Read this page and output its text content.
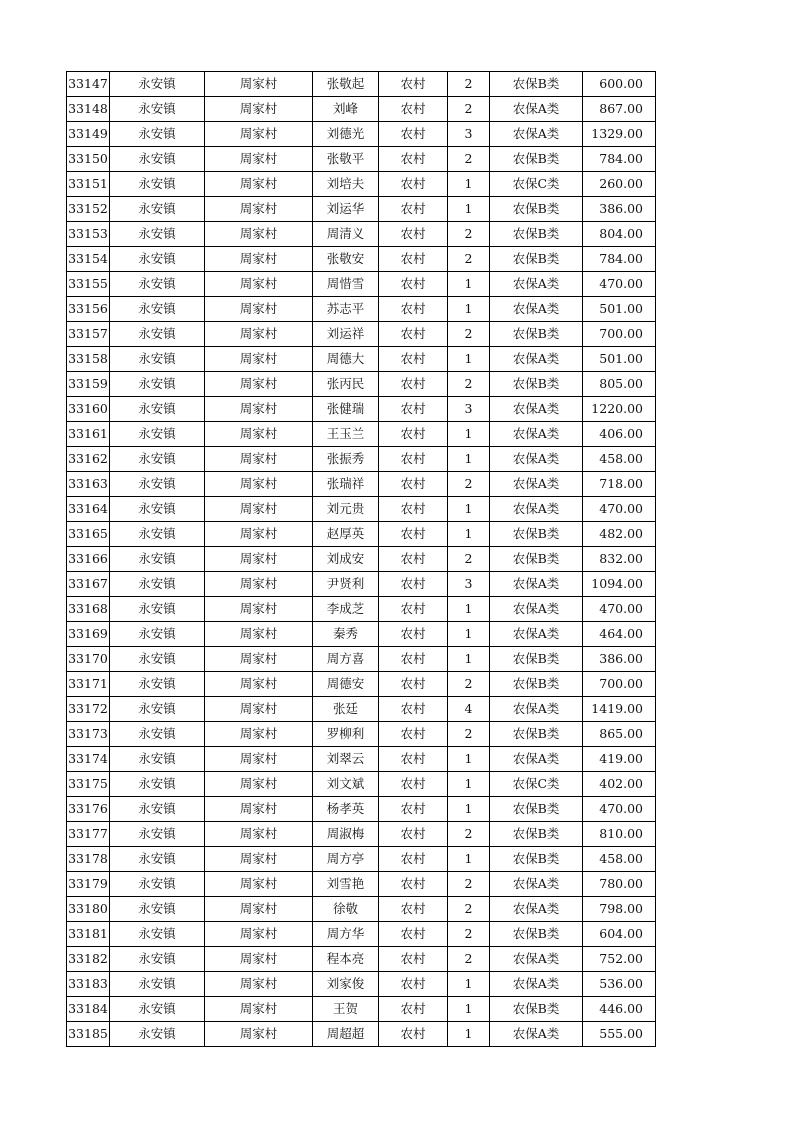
33147	永安镇	周家村	张敬起	农村	2	农保B类	600.00
33148	永安镇	周家村	刘峰	农村	2	农保A类	867.00
33149	永安镇	周家村	刘德光	农村	3	农保A类	1329.00
33150	永安镇	周家村	张敬平	农村	2	农保B类	784.00
33151	永安镇	周家村	刘培夫	农村	1	农保C类	260.00
33152	永安镇	周家村	刘运华	农村	1	农保B类	386.00
33153	永安镇	周家村	周清义	农村	2	农保B类	804.00
33154	永安镇	周家村	张敬安	农村	2	农保B类	784.00
33155	永安镇	周家村	周惜雪	农村	1	农保A类	470.00
33156	永安镇	周家村	苏志平	农村	1	农保A类	501.00
33157	永安镇	周家村	刘运祥	农村	2	农保B类	700.00
33158	永安镇	周家村	周德大	农村	1	农保A类	501.00
33159	永安镇	周家村	张丙民	农村	2	农保B类	805.00
33160	永安镇	周家村	张健瑞	农村	3	农保A类	1220.00
33161	永安镇	周家村	王玉兰	农村	1	农保A类	406.00
33162	永安镇	周家村	张振秀	农村	1	农保A类	458.00
33163	永安镇	周家村	张瑞祥	农村	2	农保A类	718.00
33164	永安镇	周家村	刘元贵	农村	1	农保A类	470.00
33165	永安镇	周家村	赵厚英	农村	1	农保B类	482.00
33166	永安镇	周家村	刘成安	农村	2	农保B类	832.00
33167	永安镇	周家村	尹贤利	农村	3	农保A类	1094.00
33168	永安镇	周家村	李成芝	农村	1	农保A类	470.00
33169	永安镇	周家村	秦秀	农村	1	农保A类	464.00
33170	永安镇	周家村	周方喜	农村	1	农保B类	386.00
33171	永安镇	周家村	周德安	农村	2	农保B类	700.00
33172	永安镇	周家村	张廷	农村	4	农保A类	1419.00
33173	永安镇	周家村	罗柳利	农村	2	农保B类	865.00
33174	永安镇	周家村	刘翠云	农村	1	农保A类	419.00
33175	永安镇	周家村	刘文斌	农村	1	农保C类	402.00
33176	永安镇	周家村	杨孝英	农村	1	农保B类	470.00
33177	永安镇	周家村	周淑梅	农村	2	农保B类	810.00
33178	永安镇	周家村	周方亭	农村	1	农保B类	458.00
33179	永安镇	周家村	刘雪艳	农村	2	农保A类	780.00
33180	永安镇	周家村	徐敬	农村	2	农保A类	798.00
33181	永安镇	周家村	周方华	农村	2	农保B类	604.00
33182	永安镇	周家村	程本亮	农村	2	农保A类	752.00
33183	永安镇	周家村	刘家俊	农村	1	农保A类	536.00
33184	永安镇	周家村	王贺	农村	1	农保B类	446.00
33185	永安镇	周家村	周超超	农村	1	农保A类	555.00
